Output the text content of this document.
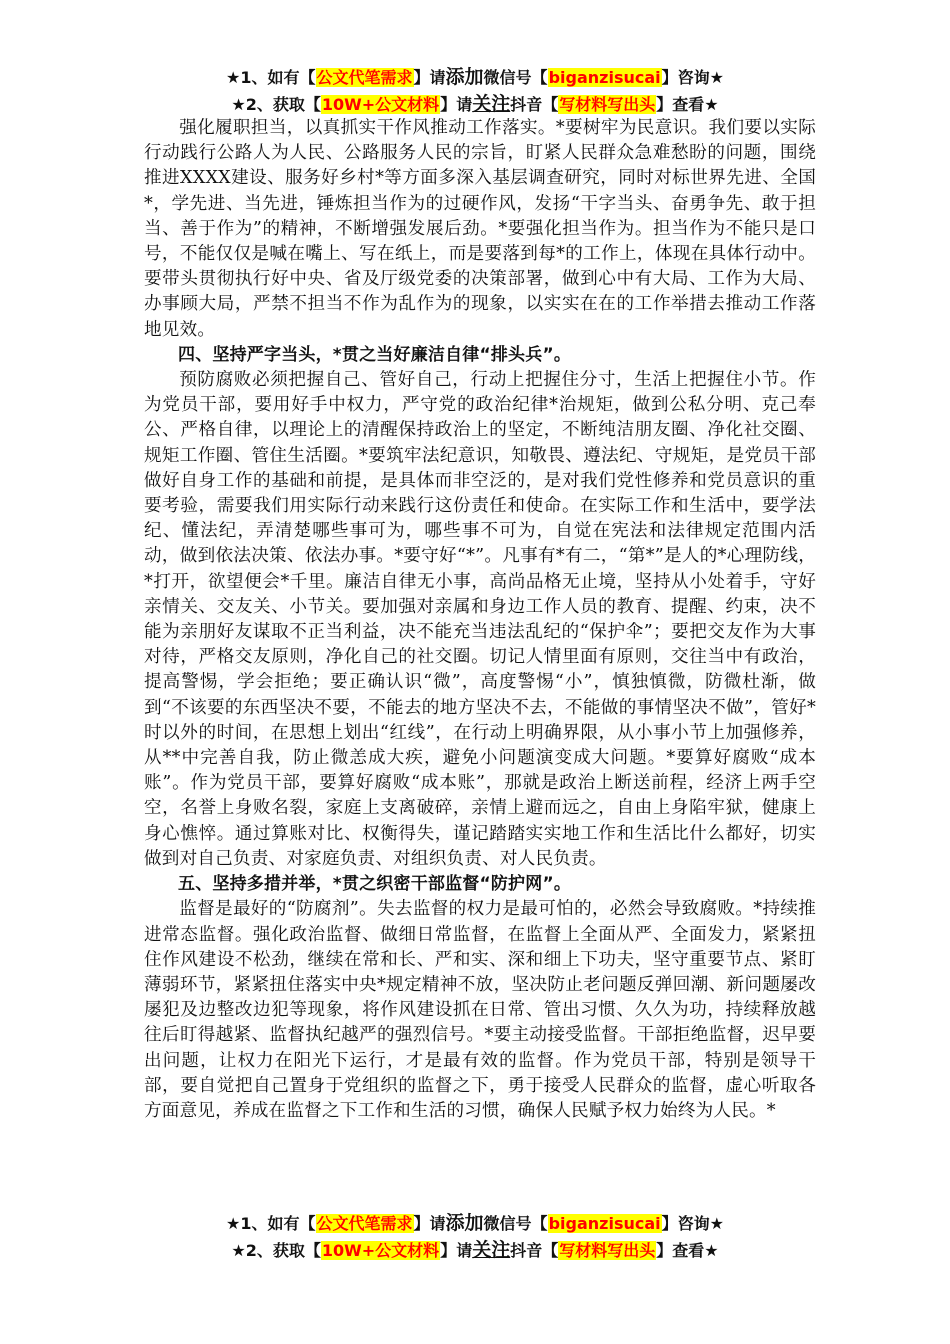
★1、如有【公文代笔需求】请添加微信号【biganzisucai】咨询★
★2、获取【10W+公文材料】请关注抖音【写材料写出头】查看★

强化履职担当，以真抓实干作风推动工作落实。*要树牢为民意识。我们要以实际行动践行公路人为人民、公路服务人民的宗旨，盯紧人民群众急难愁盼的问题，围绕推进XXXX建设、服务好乡村*等方面多深入基层调查研究，同时对标世界先进、全国*，学先进、当先进，锤炼担当作为的过硬作风，发扬“干字当头、奋勇争先、敢于担当、善于作为”的精神，不断增强发展后劲。*要强化担当作为。担当作为不能只是口号，不能仅仅是喊在嘴上、写在纸上，而是要落到每*的工作上，体现在具体行动中。要带头贯彻执行好中央、省及厅级党委的决策部署，做到心中有大局、工作为大局、办事顾大局，严禁不担当不作为乱作为的现象，以实实在在的工作举措去推动工作落地见效。

四、坚持严字当头，*贯之当好廉洁自律“排头兵”。

预防腐败必须把握自己、管好自己，行动上把握住分寸，生活上把握住小节。作为党员干部，要用好手中权力，严守党的政治纪律*治规矩，做到公私分明、克己奉公、严格自律，以理论上的清醒保持政治上的坚定，不断纯洁朋友圈、净化社交圈、规矩工作圈、管住生活圈。*要筑牢法纪意识，知敬畏、遵法纪、守规矩，是党员干部做好自身工作的基础和前提，是具体而非空泛的，是对我们党性修养和党员意识的重要考验，需要我们用实际行动来践行这份责任和使命。在实际工作和生活中，要学法纪、懂法纪，弄清楚哪些事可为，哪些事不可为，自觉在宪法和法律规定范围内活动，做到依法决策、依法办事。*要守好“*”。凡事有*有二，“第*”是人的*心理防线，*打开，欲望便会*千里。廉洁自律无小事，高尚品格无止境，坚持从小处着手，守好亲情关、交友关、小节关。要加强对亲属和身边工作人员的教育、提醒、约束，决不能为亲朋好友谋取不正当利益，决不能充当违法乱纪的“保护伞”；要把交友作为大事对待，严格交友原则，净化自己的社交圈。切记人情里面有原则，交往当中有政治，提高警惕，学会拒绝；要正确认识“微”，高度警惕“小”，慎独慎微，防微杜渐，做到“不该要的东西坚决不要，不能去的地方坚决不去，不能做的事情坚决不做”，管好*时以外的时间，在思想上划出“红线”，在行动上明确界限，从小事小节上加强修养，从**中完善自我，防止微恙成大疾，避免小问题演变成大问题。*要算好腐败“成本账”。作为党员干部，要算好腐败“成本账”，那就是政治上断送前程，经济上两手空空，名誉上身败名裂，家庭上支离破碎，亲情上避而远之，自由上身陷牢狱，健康上身心憔悴。通过算账对比、权衡得失，谨记踏踏实实地工作和生活比什么都好，切实做到对自己负责、对家庭负责、对组织负责、对人民负责。

五、坚持多措并举，*贯之织密干部监督“防护网”。

监督是最好的“防腐剂”。失去监督的权力是最可怕的，必然会导致腐败。*持续推进常态监督。强化政治监督、做细日常监督，在监督上全面从严、全面发力，紧紧扭住作风建设不松劲，继续在常和长、严和实、深和细上下功夫，坚守重要节点、紧盯薄弱环节，紧紧扭住落实中央*规定精神不放，坚决防止老问题反弹回潮、新问题屡改屡犯及边整改边犯等现象，将作风建设抓在日常、管出习惯、久久为功，持续释放越往后盯得越紧、监督执纪越严的强烈信号。*要主动接受监督。干部拒绝监督，迟早要出问题，让权力在阳光下运行，才是最有效的监督。作为党员干部，特别是领导干部，要自觉把自己置身于党组织的监督之下，勇于接受人民群众的监督，虚心听取各方面意见，养成在监督之下工作和生活的习惯，确保人民赋予权力始终为人民。*

★1、如有【公文代笔需求】请添加微信号【biganzisucai】咨询★
★2、获取【10W+公文材料】请关注抖音【写材料写出头】查看★
